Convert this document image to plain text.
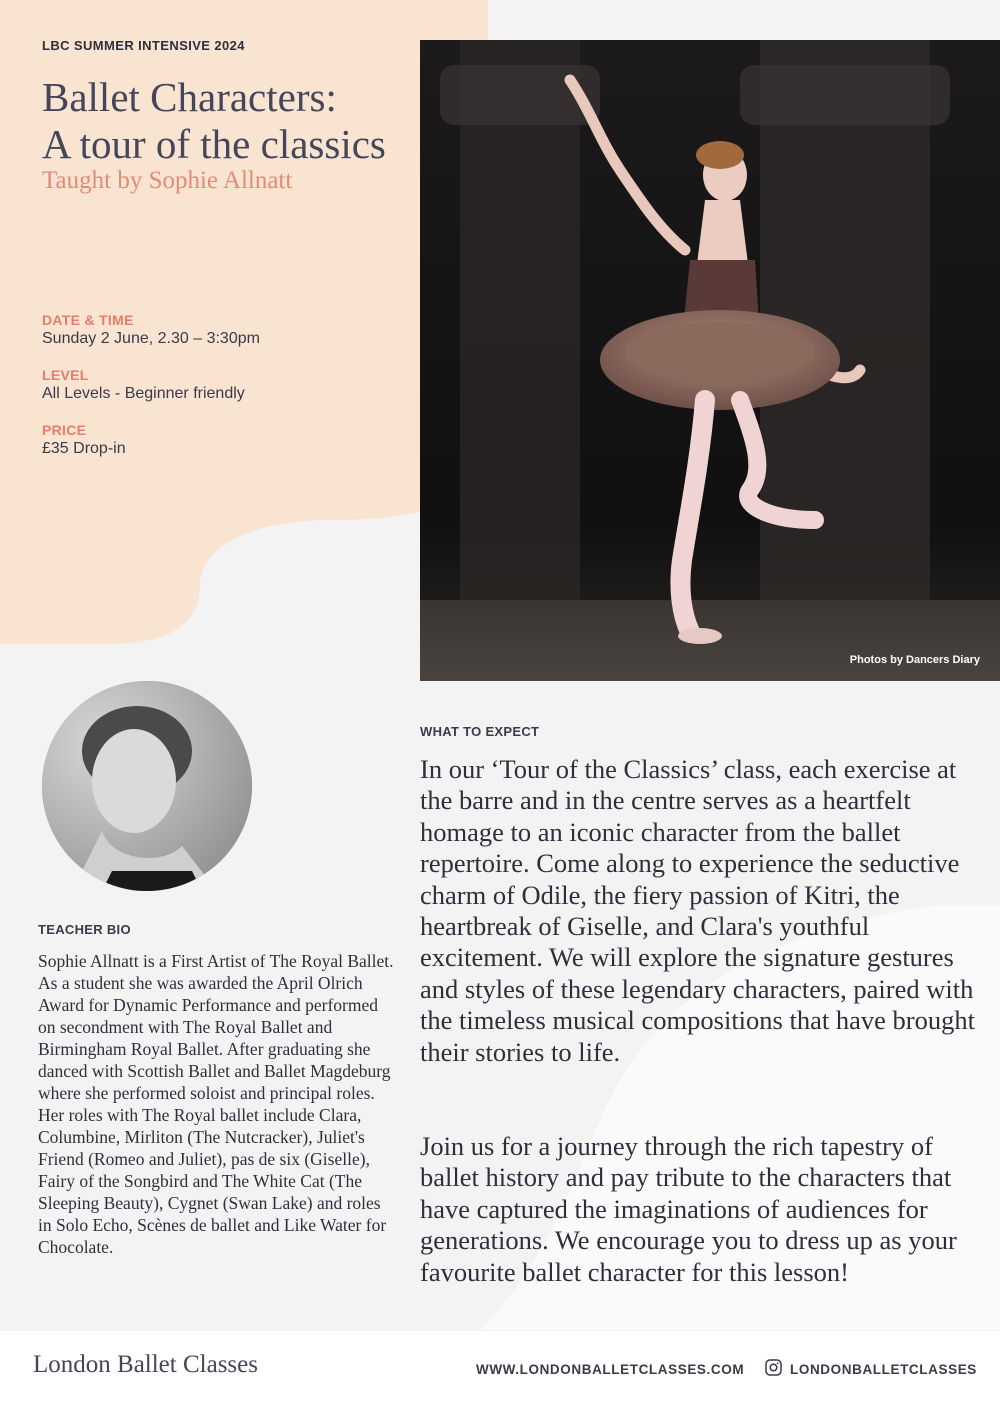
LBC SUMMER INTENSIVE 2024
Ballet Characters:
A tour of the classics
Taught by Sophie Allnatt
DATE & TIME
Sunday 2 June, 2.30 – 3:30pm
LEVEL
All Levels - Beginner friendly
PRICE
£35 Drop-in
Photos by Dancers Diary
TEACHER BIO

Sophie Allnatt is a First Artist of The Royal Ballet. As a student she was awarded the April Olrich Award for Dynamic Performance and performed on secondment with The Royal Ballet and Birmingham Royal Ballet. After graduating she danced with Scottish Ballet and Ballet Magdeburg where she performed soloist and principal roles. Her roles with The Royal ballet include Clara, Columbine, Mirliton (The Nutcracker), Juliet's Friend (Romeo and Juliet), pas de six (Giselle), Fairy of the Songbird and The White Cat (The Sleeping Beauty), Cygnet (Swan Lake) and roles in Solo Echo, Scènes de ballet and Like Water for Chocolate.

WHAT TO EXPECT

In our ‘Tour of the Classics’ class, each exercise at the barre and in the centre serves as a heartfelt homage to an iconic character from the ballet repertoire. Come along to experience the seductive charm of Odile, the fiery passion of Kitri, the heartbreak of Giselle, and Clara's youthful excitement. We will explore the signature gestures and styles of these legendary characters, paired with the timeless musical compositions that have brought their stories to life.

Join us for a journey through the rich tapestry of ballet history and pay tribute to the characters that have captured the imaginations of audiences for generations. We encourage you to dress up as your favourite ballet character for this lesson!

London Ballet Classes	WWW.LONDONBALLETCLASSES.COM	LONDONBALLETCLASSES
